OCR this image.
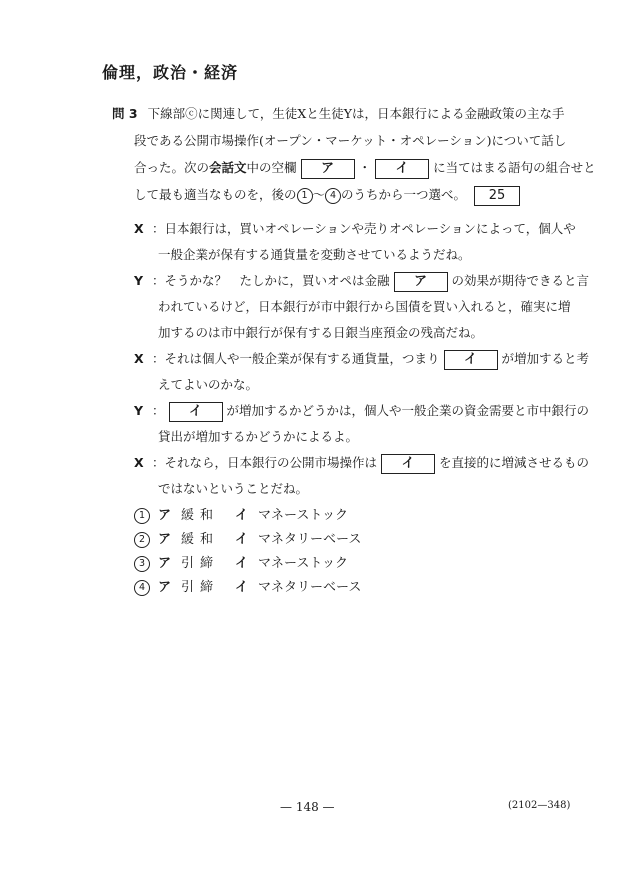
倫理，政治・経済
問 3 下線部ⓒに関連して，生徒Xと生徒Yは，日本銀行による金融政策の主な手
段である公開市場操作(オープン・マーケット・オペレーション)について話し
合った。次の会話文中の空欄 ア ・ イ に当てはまる語句の組合せと
して最も適当なものを，後の 1 ～ 4 のうちから一つ選べ。 25
X ：日本銀行は，買いオペレーションや売りオペレーションによって，個人や
一般企業が保有する通貨量を変動させているようだね。
Y ：そうかな？　たしかに，買いオペは金融 ア の効果が期待できると言
われているけど，日本銀行が市中銀行から国債を買い入れると，確実に増
加するのは市中銀行が保有する日銀当座預金の残高だね。
X ：それは個人や一般企業が保有する通貨量，つまり イ が増加すると考
えてよいのかな。
Y ： イ が増加するかどうかは，個人や一般企業の資金需要と市中銀行の
貸出が増加するかどうかによるよ。
X ：それなら，日本銀行の公開市場操作は イ を直接的に増減させるもの
ではないということだね。
1 ア 緩和 イ マネーストック
2 ア 緩和 イ マネタリーベース
3 ア 引締 イ マネーストック
4 ア 引締 イ マネタリーベース
— 148 —	(2102—348)
